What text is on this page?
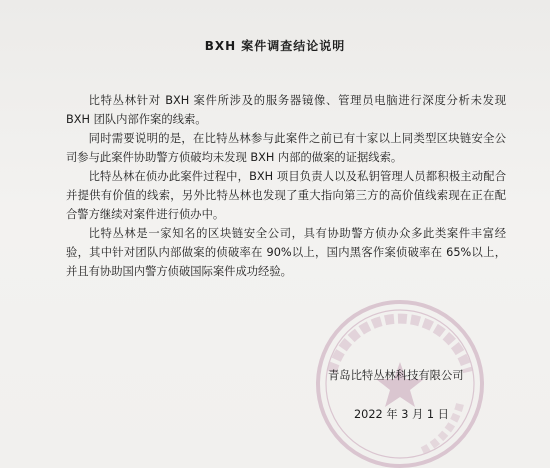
BXH 案件调查结论说明

比特丛林针对 BXH 案件所涉及的服务器镜像、管理员电脑进行深度分析未发现 BXH 团队内部作案的线索。

同时需要说明的是，在比特丛林参与此案件之前已有十家以上同类型区块链安全公司参与此案件协助警方侦破均未发现 BXH 内部的做案的证据线索。

比特丛林在侦办此案件过程中，BXH 项目负责人以及私钥管理人员都积极主动配合并提供有价值的线索，另外比特丛林也发现了重大指向第三方的高价值线索现在正在配合警方继续对案件进行侦办中。

比特丛林是一家知名的区块链安全公司，具有协助警方侦办众多此类案件丰富经验，其中针对团队内部做案的侦破率在 90%以上，国内黑客作案侦破率在 65%以上，并且有协助国内警方侦破国际案件成功经验。

青岛比特丛林科技有限公司
2022 年 3 月 1 日
